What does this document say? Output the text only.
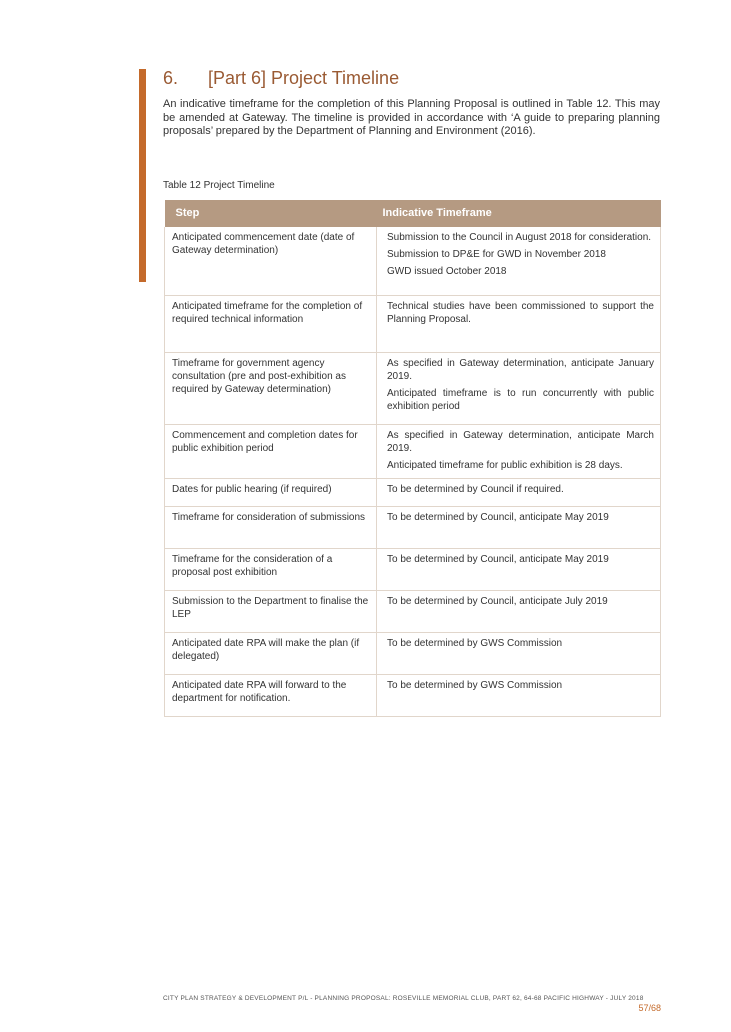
6. [Part 6] Project Timeline
An indicative timeframe for the completion of this Planning Proposal is outlined in Table 12. This may be amended at Gateway. The timeline is provided in accordance with ‘A guide to preparing planning proposals’ prepared by the Department of Planning and Environment (2016).
Table 12 Project Timeline
Step	Indicative Timeframe
Anticipated commencement date (date of Gateway determination)	Submission to the Council in August 2018 for consideration.
Submission to DP&E for GWD in November 2018
GWD issued October 2018

Anticipated timeframe for the completion of required technical information	Technical studies have been commissioned to support the Planning Proposal.

Timeframe for government agency consultation (pre and post-exhibition as required by Gateway determination)	As specified in Gateway determination, anticipate January 2019.
Anticipated timeframe is to run concurrently with public exhibition period

Commencement and completion dates for public exhibition period	As specified in Gateway determination, anticipate March 2019.
Anticipated timeframe for public exhibition is 28 days.

Dates for public hearing (if required)	To be determined by Council if required.

Timeframe for consideration of submissions	To be determined by Council, anticipate May 2019

Timeframe for the consideration of a proposal post exhibition	To be determined by Council, anticipate May 2019

Submission to the Department to finalise the LEP	To be determined by Council, anticipate July 2019

Anticipated date RPA will make the plan (if delegated)	To be determined by GWS Commission

Anticipated date RPA will forward to the department for notification.	To be determined by GWS Commission
CITY PLAN STRATEGY & DEVELOPMENT P/L - PLANNING PROPOSAL: ROSEVILLE MEMORIAL CLUB, PART 62, 64-68 PACIFIC HIGHWAY - JULY 2018
57/68
